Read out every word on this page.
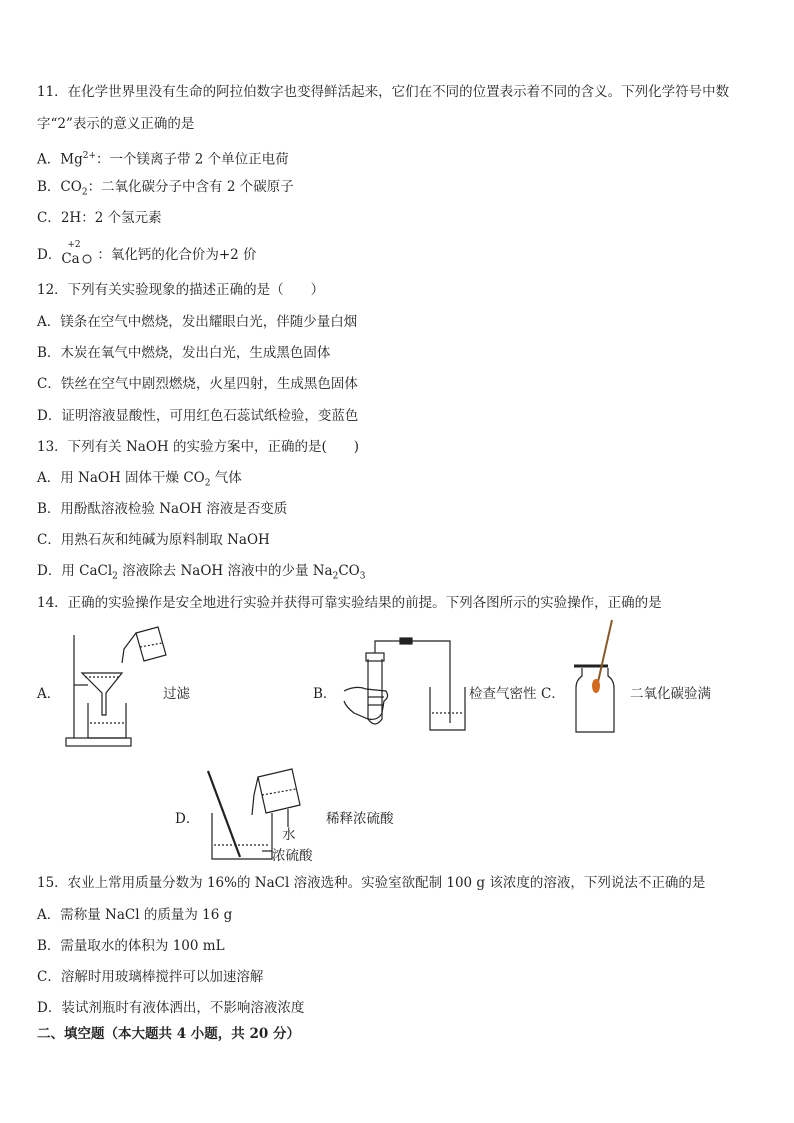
11．在化学世界里没有生命的阿拉伯数字也变得鲜活起来，它们在不同的位置表示着不同的含义。下列化学符号中数
字“2”表示的意义正确的是
A．$Mg^{2+}$：一个镁离子带 2 个单位正电荷
B．$CO_2$：二氧化碳分子中含有 2 个碳原子
C．2H：2 个氢元素
D．
+2
Ca ：氧化钙的化合价为+2 价
12．下列有关实验现象的描述正确的是（　　）
A．镁条在空气中燃烧，发出耀眼白光，伴随少量白烟
B．木炭在氧气中燃烧，发出白光，生成黑色固体
C．铁丝在空气中剧烈燃烧，火星四射，生成黑色固体
D．证明溶液显酸性，可用红色石蕊试纸检验，变蓝色
13．下列有关 NaOH 的实验方案中，正确的是(　　)
A．用 NaOH 固体干燥 $CO_2$ 气体
B．用酚酞溶液检验 NaOH 溶液是否变质
C．用熟石灰和纯碱为原料制取 NaOH
D．用 CaCl$_2$ 溶液除去 NaOH 溶液中的少量 $Na_2CO_3$
14．正确的实验操作是安全地进行实验并获得可靠实验结果的前提。下列各图所示的实验操作，正确的是
A．	过滤	B．	检查气密性 C．	二氧化碳验满
D．
水
浓硫酸
稀释浓硫酸
15．农业上常用质量分数为 16%的 NaCl 溶液选种。实验室欲配制 100 g 该浓度的溶液，下列说法不正确的是
A．需称量 NaCl 的质量为 16 g
B．需量取水的体积为 100 mL
C．溶解时用玻璃棒搅拌可以加速溶解
D．装试剂瓶时有液体洒出，不影响溶液浓度
二、填空题（本大题共 4 小题，共 20 分）
